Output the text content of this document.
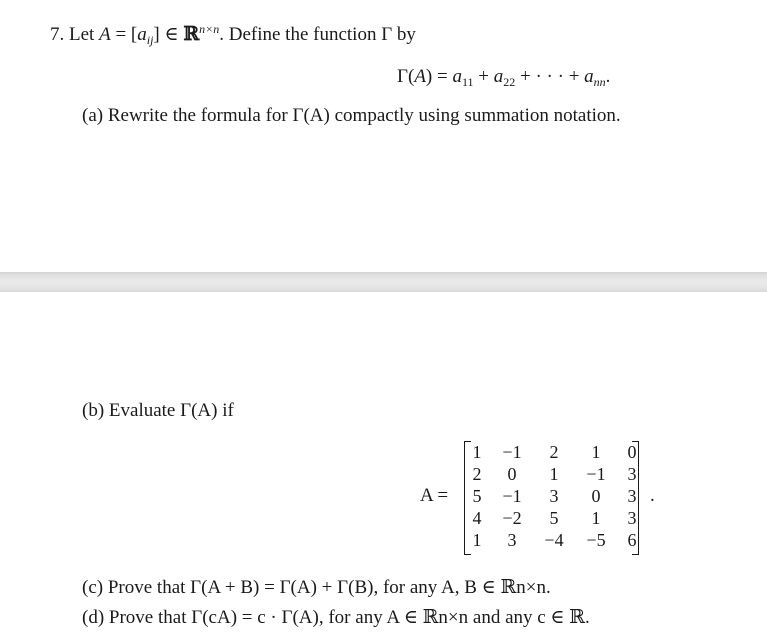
7. Let $A = [a_{ij}]$ ∈ ℝ$^{n\times n}$. Define the function Γ by
$\Gamma(A) = a_{11} + a_{22}$ + · · · + $a_{nn}$.
(a) Rewrite the formula for Γ(A) compactly using summation notation.
(b) Evaluate Γ(A) if
A =
1	−1	2	1	0
2	0	1	−1	3
5	−1	3	0	3
4	−2	5	1	3
1	3	−4	−5	6
.
(c) Prove that Γ(A + B) = Γ(A) + Γ(B), for any A, B ∈ ℝn×n.
(d) Prove that Γ(cA) = c · Γ(A), for any A ∈ ℝn×n and any c ∈ ℝ.
